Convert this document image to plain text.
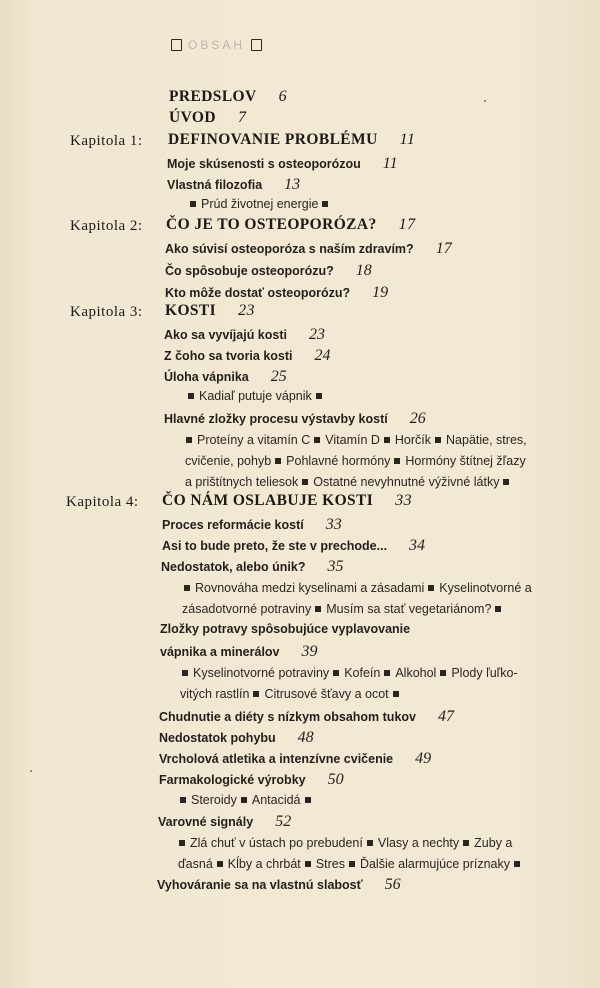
OBSAH
PREDSLOV 6
ÚVOD 7
Kapitola 1: DEFINOVANIE PROBLÉMU 11
Moje skúsenosti s osteoporózou 11
Vlastná filozofia 13
Prúd životnej energie
Kapitola 2: ČO JE TO OSTEOPORÓZA? 17
Ako súvisí osteoporóza s naším zdravím? 17
Čo spôsobuje osteoporózu? 18
Kto môže dostať osteoporózu? 19
Kapitola 3: KOSTI 23
Ako sa vyvíjajú kosti 23
Z čoho sa tvoria kosti 24
Úloha vápnika 25
Kadiaľ putuje vápnik
Hlavné zložky procesu výstavby kostí 26
Proteíny a vitamín C Vitamín D Horčík Napätie, stres,
cvičenie, pohyb Pohlavné hormóny Hormóny štítnej žľazy
a prištítnych teliesok Ostatné nevyhnutné výživné látky
Kapitola 4: ČO NÁM OSLABUJE KOSTI 33
Proces reformácie kostí 33
Asi to bude preto, že ste v prechode... 34
Nedostatok, alebo únik? 35
Rovnováha medzi kyselinami a zásadami Kyselinotvorné a
zásadotvorné potraviny Musím sa stať vegetariánom?
Zložky potravy spôsobujúce vyplavovanie
vápnika a minerálov 39
Kyselinotvorné potraviny Kofeín Alkohol Plody ľuľko-
vitých rastlín Citrusové šťavy a ocot
Chudnutie a diéty s nízkym obsahom tukov 47
Nedostatok pohybu 48
Vrcholová atletika a intenzívne cvičenie 49
Farmakologické výrobky 50
Steroidy Antacidá
Varovné signály 52
Zlá chuť v ústach po prebudení Vlasy a nechty Zuby a
ďasná Kĺby a chrbát Stres Ďalšie alarmujúce príznaky
Vyhováranie sa na vlastnú slabosť 56
